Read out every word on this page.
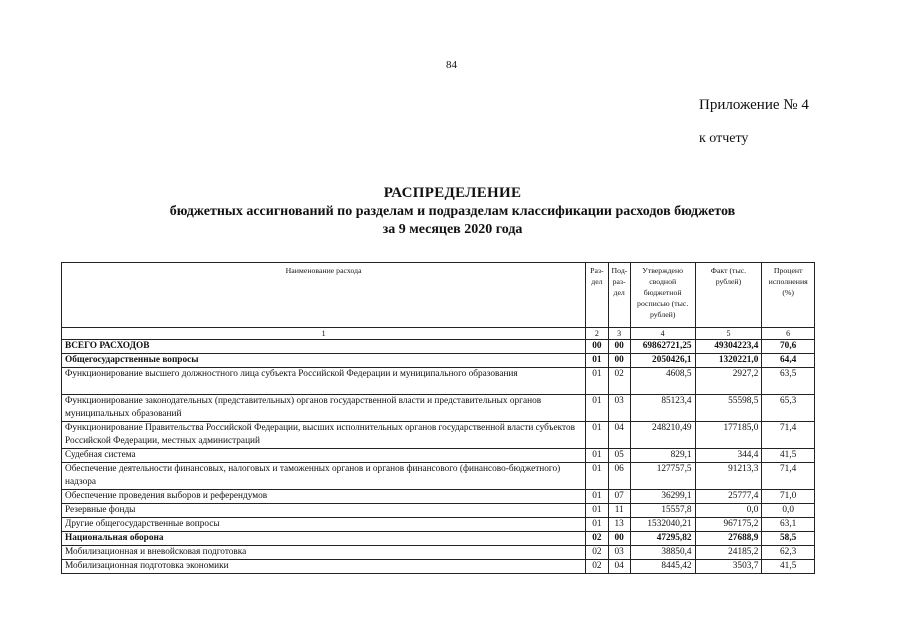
84
Приложение № 4
к отчету
РАСПРЕДЕЛЕНИЕ
бюджетных ассигнований по разделам и подразделам классификации расходов бюджетов
за 9 месяцев 2020 года
Наименование расхода	Раз-дел	Под-раз-дел	Утверждено сводной бюджетной росписью (тыс. рублей)	Факт (тыс. рублей)	Процент исполнения (%)
1	2	3	4	5	6
ВСЕГО РАСХОДОВ	00	00	69862721,25	49304223,4	70,6
Общегосударственные вопросы	01	00	2050426,1	1320221,0	64,4
Функционирование высшего должностного лица субъекта Российской Федерации и муниципального образования	01	02	4608,5	2927,2	63,5
Функционирование законодательных (представительных) органов государственной власти и представительных органов муниципальных образований	01	03	85123,4	55598,5	65,3
Функционирование Правительства Российской Федерации, высших исполнительных органов государственной власти субъектов Российской Федерации, местных администраций	01	04	248210,49	177185,0	71,4
Судебная система	01	05	829,1	344,4	41,5
Обеспечение деятельности финансовых, налоговых и таможенных органов и органов финансового (финансово-бюджетного) надзора	01	06	127757,5	91213,3	71,4
Обеспечение проведения выборов и референдумов	01	07	36299,1	25777,4	71,0
Резервные фонды	01	11	15557,8	0,0	0,0
Другие общегосударственные вопросы	01	13	1532040,21	967175,2	63,1
Национальная оборона	02	00	47295,82	27688,9	58,5
Мобилизационная и вневойсковая подготовка	02	03	38850,4	24185,2	62,3
Мобилизационная подготовка экономики	02	04	8445,42	3503,7	41,5
